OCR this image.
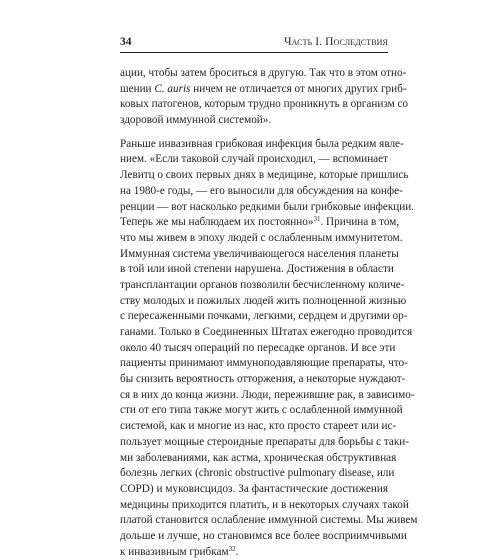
34	Часть I. Последствия
ации, чтобы затем броситься в другую. Так что в этом отно-
шении C. auris ничем не отличается от многих других гриб-
ковых патогенов, которым трудно проникнуть в организм со
здоровой иммунной системой».
Раньше инвазивная грибковая инфекция была редким явле-
нием. «Если таковой случай происходил, — вспоминает
Левитц о своих первых днях в медицине, которые пришлись
на 1980-е годы, — его выносили для обсуждения на конфе-
ренции — вот насколько редкими были грибковые инфекции.
Теперь же мы наблюдаем их постоянно»$^{31}$. Причина в том,
что мы живем в эпоху людей с ослабленным иммунитетом.
Иммунная система увеличивающегося населения планеты
в той или иной степени нарушена. Достижения в области
трансплантации органов позволили бесчисленному количе-
ству молодых и пожилых людей жить полноценной жизнью
с пересаженными почками, легкими, сердцем и другими ор-
ганами. Только в Соединенных Штатах ежегодно проводится
около 40 тысяч операций по пересадке органов. И все эти
пациенты принимают иммуноподавляющие препараты, что-
бы снизить вероятность отторжения, а некоторые нуждают-
ся в них до конца жизни. Люди, пережившие рак, в зависимо-
сти от его типа также могут жить с ослабленной иммунной
системой, как и многие из нас, кто просто стареет или ис-
пользует мощные стероидные препараты для борьбы с таки-
ми заболеваниями, как астма, хроническая обструктивная
болезнь легких (chronic obstructive pulmonary disease, или
COPD) и муковисцидоз. За фантастические достижения
медицины приходится платить, и в некоторых случаях такой
платой становится ослабление иммунной системы. Мы живем
дольше и лучше, но становимся все более восприимчивыми
к инвазивным грибкам$^{32}$.
